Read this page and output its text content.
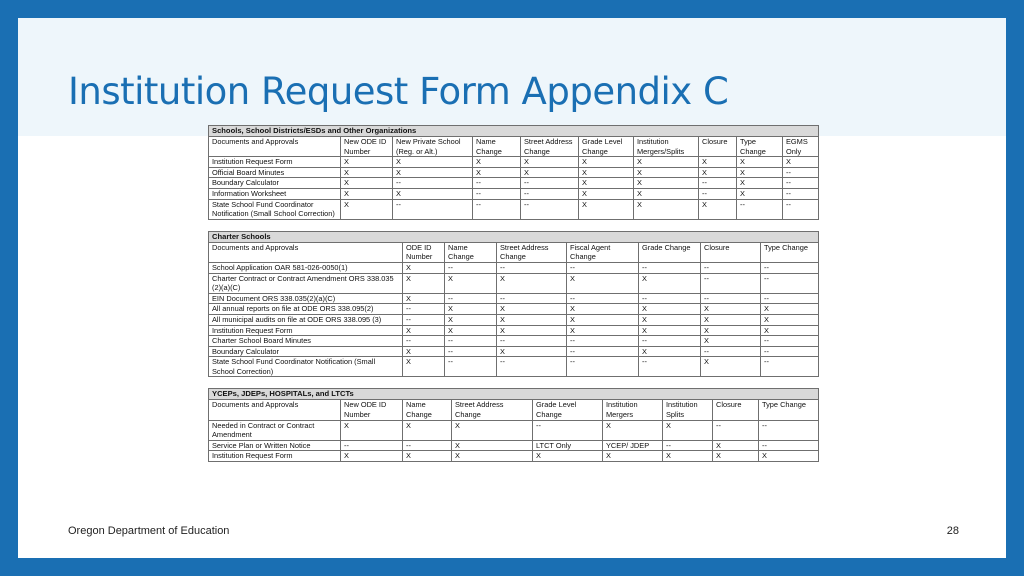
Institution Request Form Appendix C
Schools, School Districts/ESDs and Other Organizations									
Documents and Approvals	New ODE ID Number	New Private School (Reg. or Alt.)	Name Change	Street Address Change	Grade Level Change	Institution Mergers/Splits	Closure	Type Change	EGMS Only
Institution Request Form	X	X	X	X	X	X	X	X	X
Official Board Minutes	X	X	X	X	X	X	X	X	--
Boundary Calculator	X	--	--	--	X	X	--	X	--
Information Worksheet	X	X	--	--	X	X	--	X	--
State School Fund Coordinator Notification (Small School Correction)	X	--	--	--	X	X	X	--	--
Charter Schools							
Documents and Approvals	ODE ID Number	Name Change	Street Address Change	Fiscal Agent Change	Grade Change	Closure	Type Change
School Application OAR 581-026-0050(1)	X	--	--	--	--	--	--
Charter Contract or Contract Amendment ORS 338.035 (2)(a)(C)	X	X	X	X	X	--	--
EIN Document ORS 338.035(2)(a)(C)	X	--	--	--	--	--	--
All annual reports on file at ODE ORS 338.095(2)	--	X	X	X	X	X	X
All municipal audits on file at ODE ORS 338.095 (3)	--	X	X	X	X	X	X
Institution Request Form	X	X	X	X	X	X	X
Charter School Board Minutes	--	--	--	--	--	X	--
Boundary Calculator	X	--	X	--	X	--	--
State School Fund Coordinator Notification (Small School Correction)	X	--	--	--	--	X	--
YCEPs, JDEPs, HOSPITALs, and LTCTs								
Documents and Approvals	New ODE ID Number	Name Change	Street Address Change	Grade Level Change	Institution Mergers	Institution Splits	Closure	Type Change
Needed in Contract or Contract Amendment	X	X	X	--	X	X	--	--
Service Plan or Written Notice	--	--	X	LTCT Only	YCEP/ JDEP	--	X	--
Institution Request Form	X	X	X	X	X	X	X	X
Oregon Department of Education	28
